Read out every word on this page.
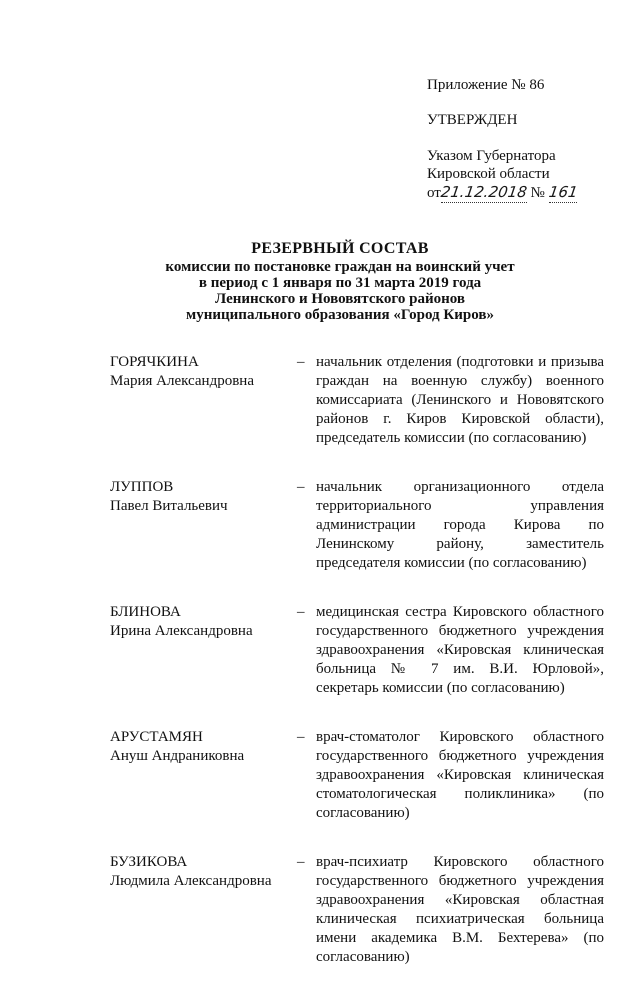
Приложение № 86
УТВЕРЖДЕН
Указом Губернатора
Кировской области
от21.12.2018 № 161
РЕЗЕРВНЫЙ СОСТАВ
комиссии по постановке граждан на воинский учет
в период с 1 января по 31 марта 2019 года
Ленинского и Нововятского районов
муниципального образования «Город Киров»
ГОРЯЧКИНА
Мария Александровна
– начальник отделения (подготовки и призыва граждан на военную службу) военного комиссариата (Ленинского и Нововятского районов г. Киров Кировской области), председатель комиссии (по согласованию)
ЛУППОВ
Павел Витальевич
– начальник организационного отдела территориального управления администрации города Кирова по Ленинскому району, заместитель председателя комиссии (по согласованию)
БЛИНОВА
Ирина Александровна
– медицинская сестра Кировского областного государственного бюджетного учреждения здравоохранения «Кировская клиническая больница № 7 им. В.И. Юрловой», секретарь комиссии (по согласованию)
АРУСТАМЯН
Ануш Андраниковна
– врач-стоматолог Кировского областного государственного бюджетного учреждения здравоохранения «Кировская клиническая стоматологическая поликлиника» (по согласованию)
БУЗИКОВА
Людмила Александровна
– врач-психиатр Кировского областного государственного бюджетного учреждения здравоохранения «Кировская областная клиническая психиатрическая больница имени академика В.М. Бехтерева» (по согласованию)
